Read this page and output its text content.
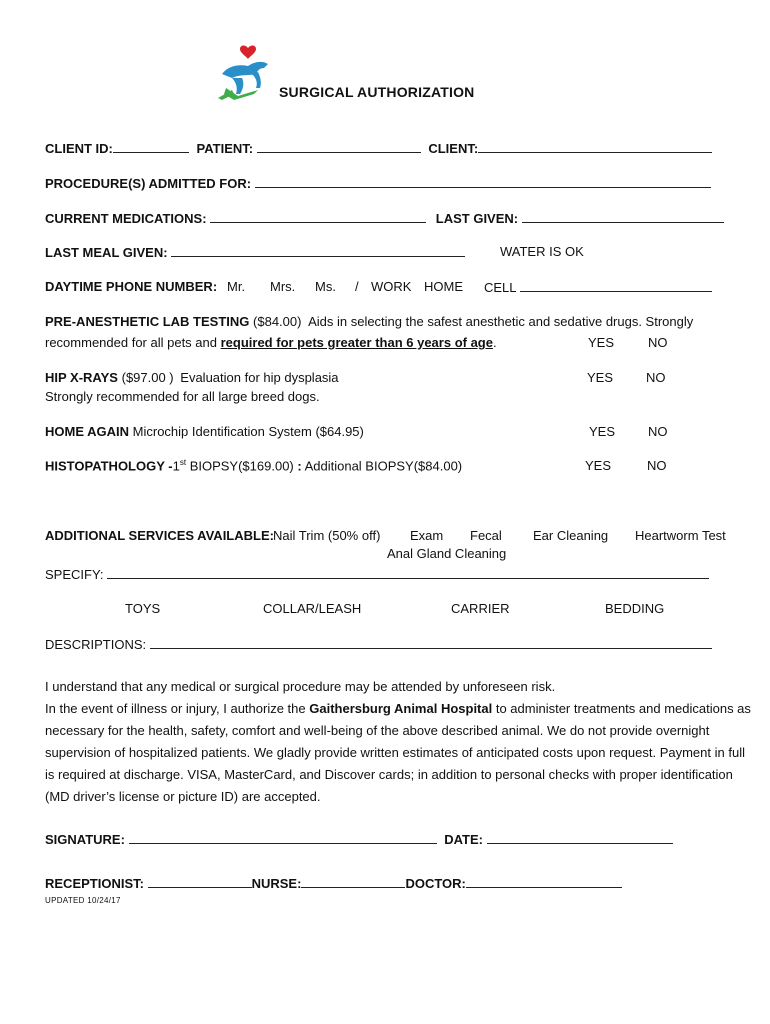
SURGICAL AUTHORIZATION
CLIENT ID:	PATIENT:	CLIENT:
PROCEDURE(S) ADMITTED FOR:
CURRENT MEDICATIONS:	LAST GIVEN:
LAST MEAL GIVEN:	WATER IS OK
DAYTIME PHONE NUMBER: Mr. Mrs. Ms. / WORK HOME CELL
PRE-ANESTHETIC LAB TESTING ($84.00) Aids in selecting the safest anesthetic and sedative drugs. Strongly
recommended for all pets and required for pets greater than 6 years of age.	YES	NO
HIP X-RAYS ($97.00 ) Evaluation for hip dysplasia
Strongly recommended for all large breed dogs.
YES	NO
HOME AGAIN Microchip Identification System ($64.95)	YES	NO
HISTOPATHOLOGY -1st BIOPSY($169.00) : Additional BIOPSY($84.00)	YES	NO
ADDITIONAL SERVICES AVAILABLE: Nail Trim (50% off) Exam Fecal Ear Cleaning Heartworm Test
Anal Gland Cleaning
SPECIFY:
TOYS	COLLAR/LEASH	CARRIER	BEDDING
DESCRIPTIONS:
I understand that any medical or surgical procedure may be attended by unforeseen risk.
In the event of illness or injury, I authorize the Gaithersburg Animal Hospital to administer treatments and medications as necessary for the health, safety, comfort and well-being of the above described animal. We do not provide overnight supervision of hospitalized patients. We gladly provide written estimates of anticipated costs upon request. Payment in full is required at discharge. VISA, MasterCard, and Discover cards; in addition to personal checks with proper identification (MD driver’s license or picture ID) are accepted.
SIGNATURE:	DATE:
RECEPTIONIST:	NURSE:	DOCTOR:
UPDATED 10/24/17
